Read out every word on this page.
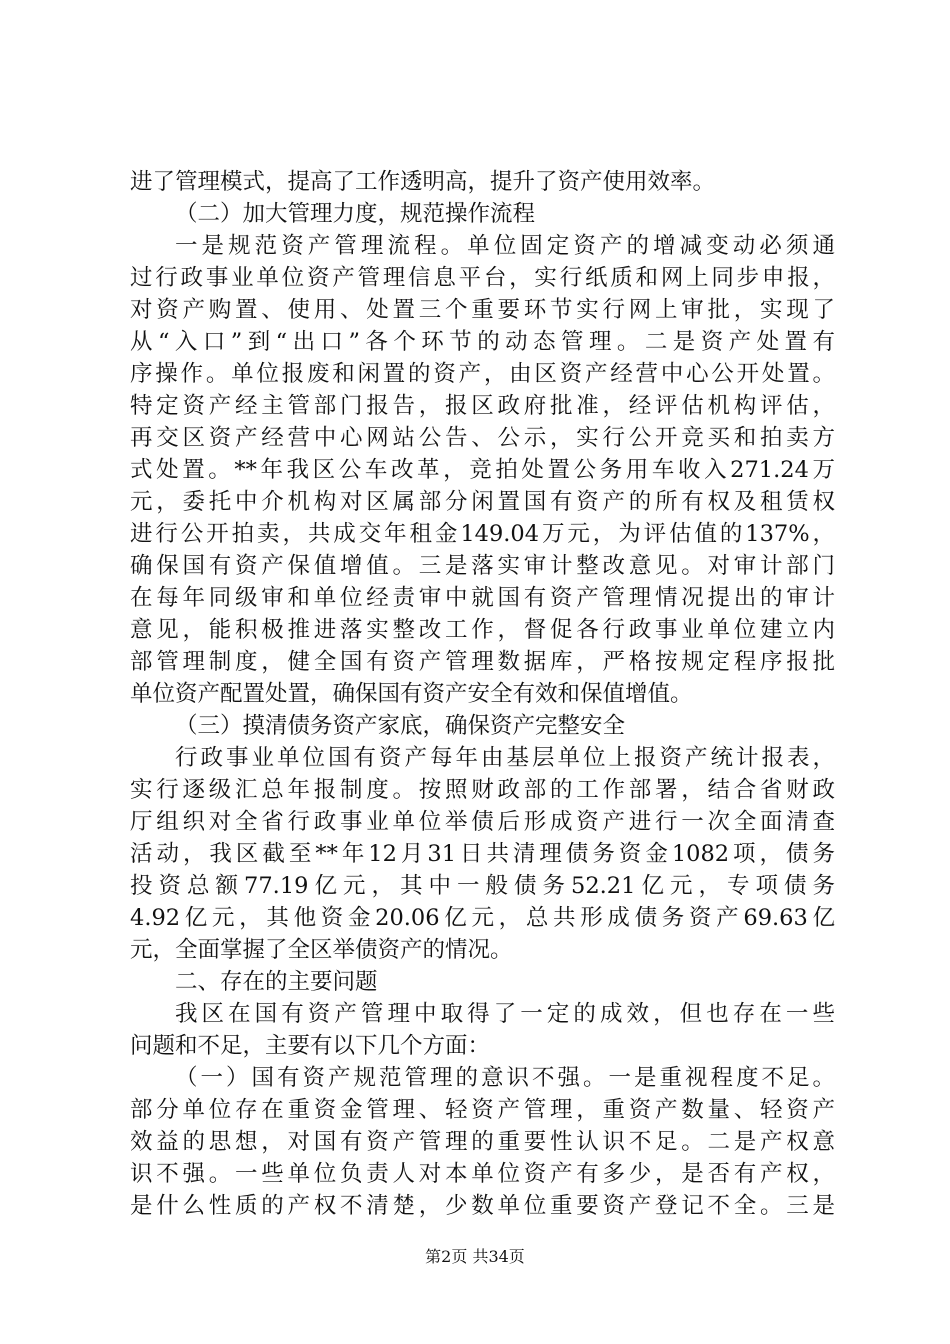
进了管理模式，提高了工作透明高，提升了资产使用效率。
（二）加大管理力度，规范操作流程
一是规范资产管理流程。单位固定资产的增减变动必须通
过行政事业单位资产管理信息平台，实行纸质和网上同步申报，
对资产购置、使用、处置三个重要环节实行网上审批，实现了
从“入口”到“出口”各个环节的动态管理。二是资产处置有
序操作。单位报废和闲置的资产，由区资产经营中心公开处置。
特定资产经主管部门报告，报区政府批准，经评估机构评估，
再交区资产经营中心网站公告、公示，实行公开竞买和拍卖方
式处置。**年我区公车改革，竞拍处置公务用车收入271.24万
元，委托中介机构对区属部分闲置国有资产的所有权及租赁权
进行公开拍卖，共成交年租金149.04万元，为评估值的137%，
确保国有资产保值增值。三是落实审计整改意见。对审计部门
在每年同级审和单位经责审中就国有资产管理情况提出的审计
意见，能积极推进落实整改工作，督促各行政事业单位建立内
部管理制度，健全国有资产管理数据库，严格按规定程序报批
单位资产配置处置，确保国有资产安全有效和保值增值。
（三）摸清债务资产家底，确保资产完整安全
行政事业单位国有资产每年由基层单位上报资产统计报表，
实行逐级汇总年报制度。按照财政部的工作部署，结合省财政
厅组织对全省行政事业单位举债后形成资产进行一次全面清查
活动，我区截至**年12月31日共清理债务资金1082项，债务
投资总额77.19亿元，其中一般债务52.21亿元，专项债务
4.92亿元，其他资金20.06亿元，总共形成债务资产69.63亿
元，全面掌握了全区举债资产的情况。
二、存在的主要问题
我区在国有资产管理中取得了一定的成效，但也存在一些
问题和不足，主要有以下几个方面：
（一）国有资产规范管理的意识不强。一是重视程度不足。
部分单位存在重资金管理、轻资产管理，重资产数量、轻资产
效益的思想，对国有资产管理的重要性认识不足。二是产权意
识不强。一些单位负责人对本单位资产有多少，是否有产权，
是什么性质的产权不清楚，少数单位重要资产登记不全。三是
第2页 共34页
